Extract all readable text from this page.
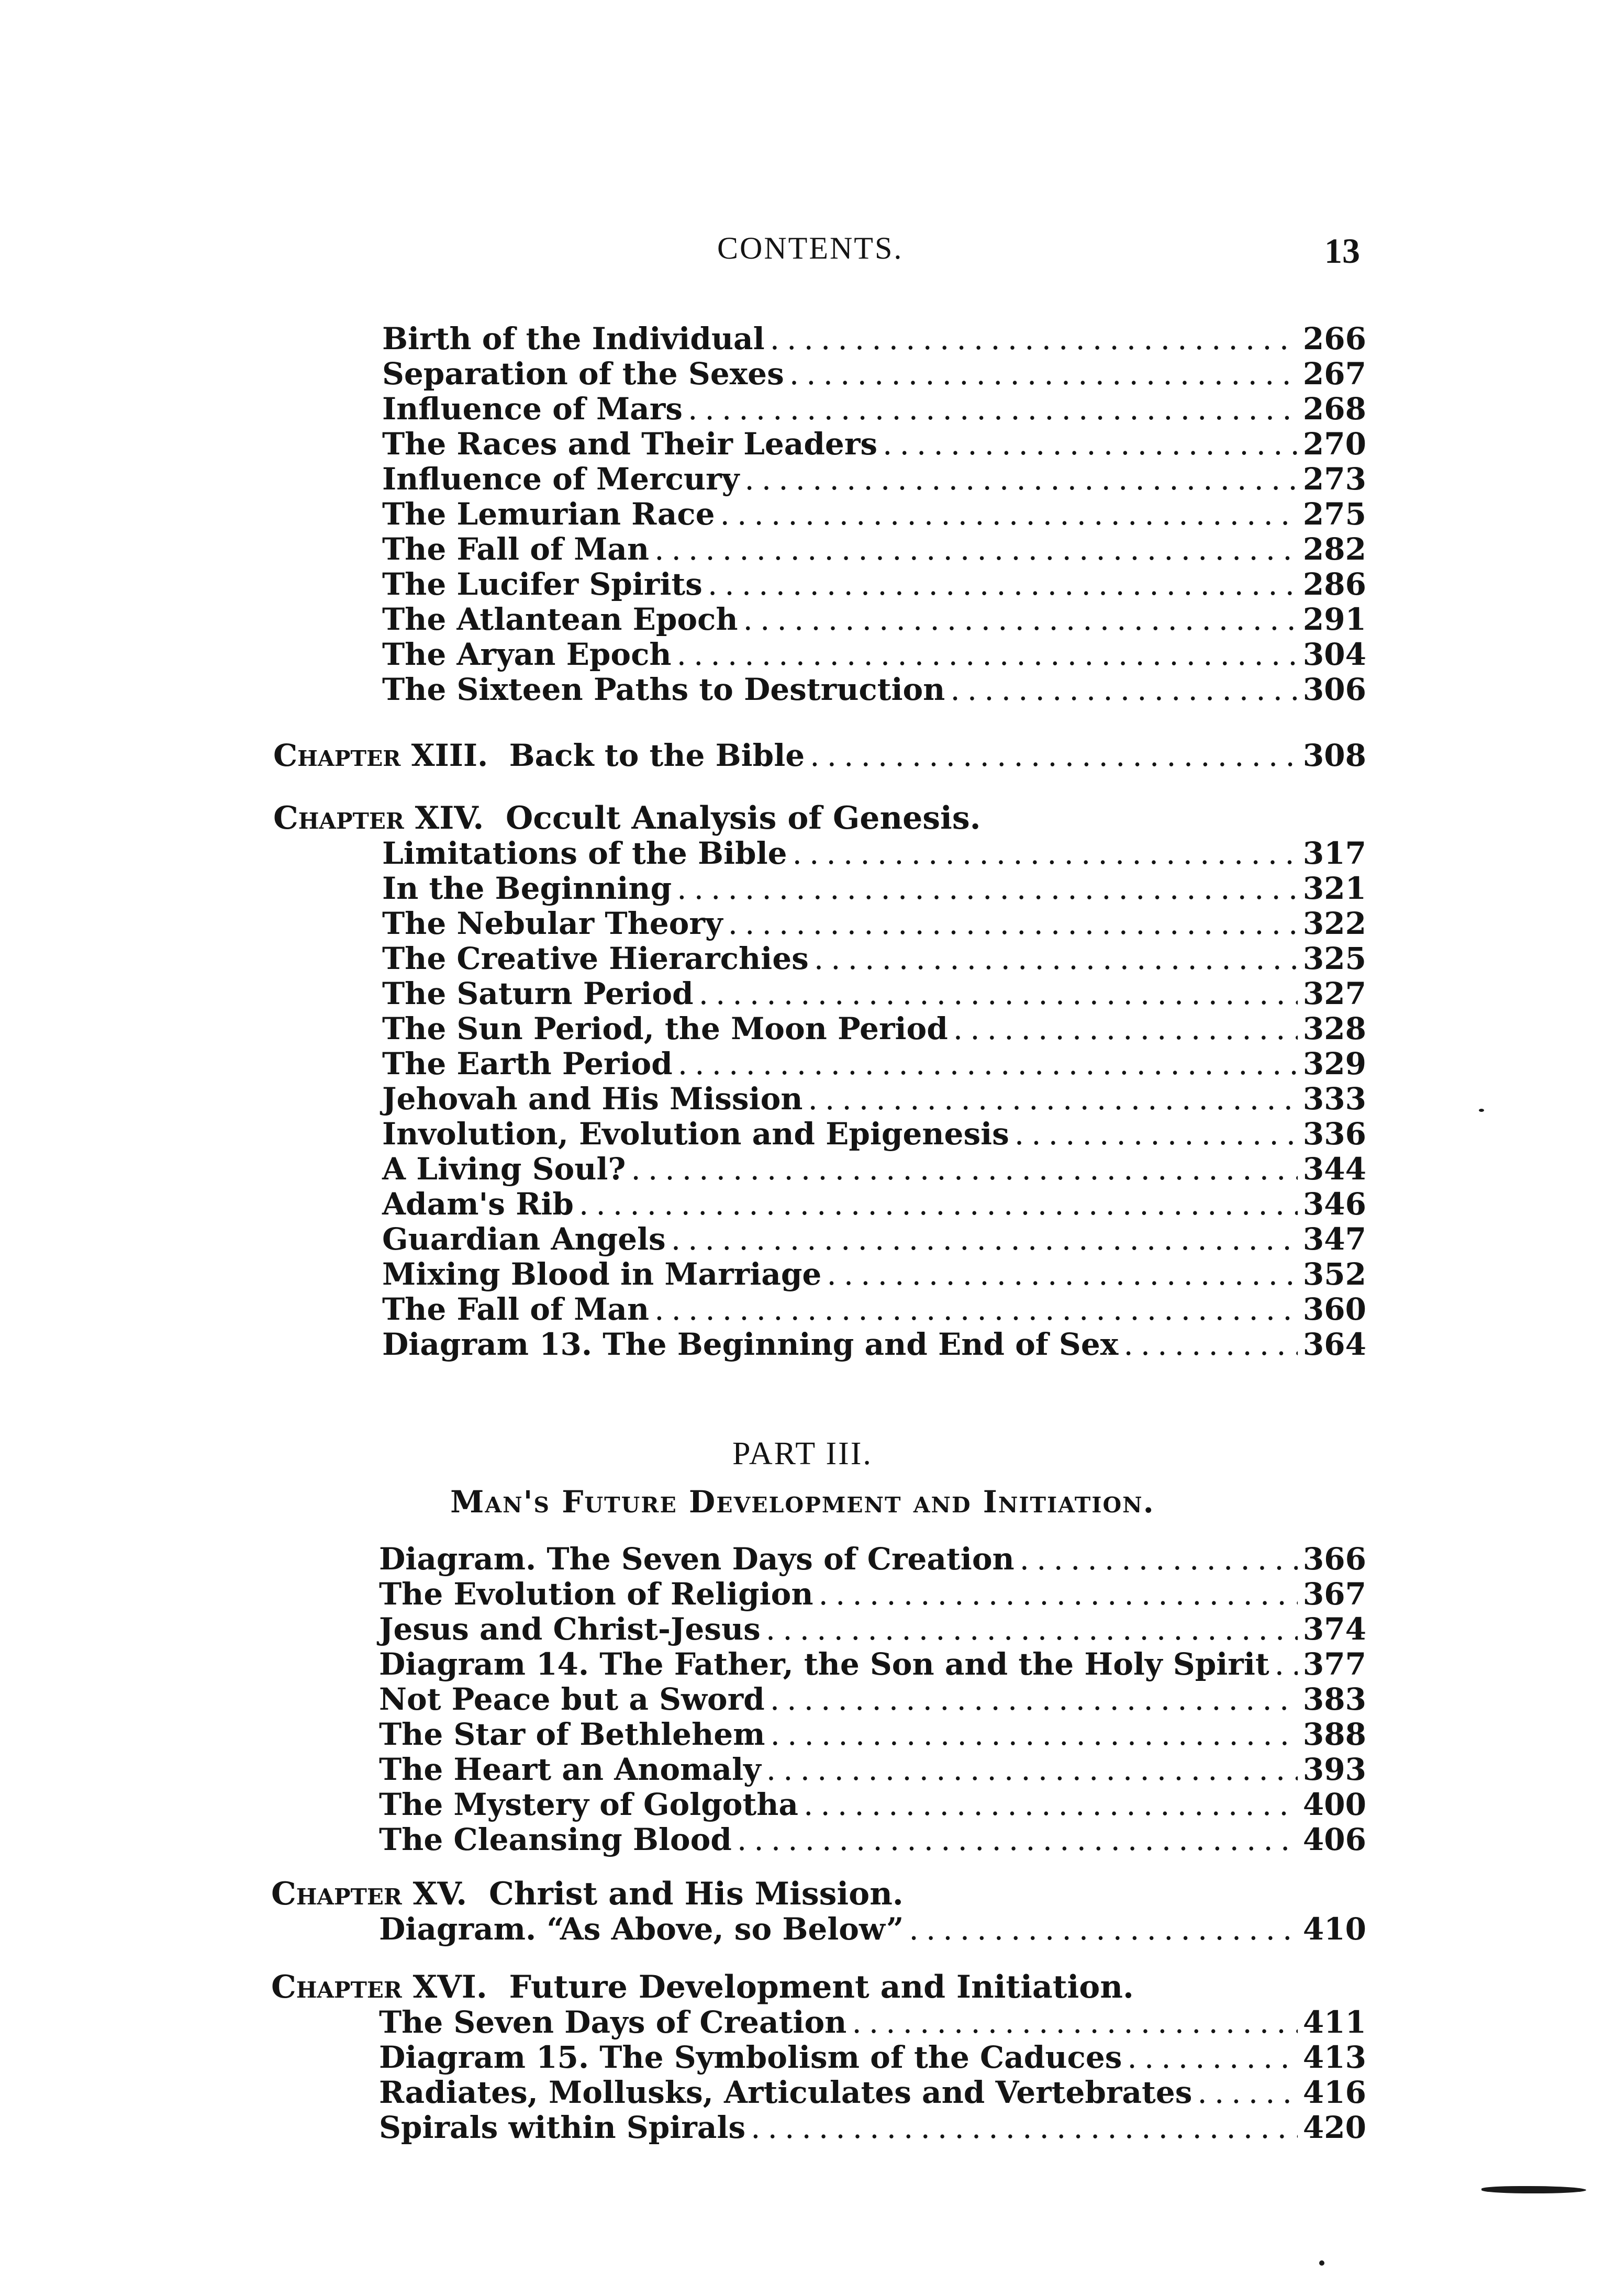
CONTENTS.	13
Birth of the Individual .....	266
Separation of the Sexes .....	267
Influence of Mars .....	268
The Races and Their Leaders .....	270
Influence of Mercury .....	273
The Lemurian Race .....	275
The Fall of Man .....	282
The Lucifer Spirits .....	286
The Atlantean Epoch .....	291
The Aryan Epoch .....	304
The Sixteen Paths to Destruction .....	306
Chapter XIII. Back to the Bible .....	308
Chapter XIV. Occult Analysis of Genesis.
Limitations of the Bible .....	317
In the Beginning .....	321
The Nebular Theory .....	322
The Creative Hierarchies .....	325
The Saturn Period .....	327
The Sun Period, the Moon Period .....	328
The Earth Period .....	329
Jehovah and His Mission .....	333
Involution, Evolution and Epigenesis .....	336
A Living Soul? .....	344
Adam's Rib .....	346
Guardian Angels .....	347
Mixing Blood in Marriage .....	352
The Fall of Man .....	360
Diagram 13. The Beginning and End of Sex .....	364
PART III.
Man's Future Development and Initiation.
Diagram. The Seven Days of Creation .....	366
The Evolution of Religion .....	367
Jesus and Christ-Jesus .....	374
Diagram 14. The Father, the Son and the Holy Spirit ..... 377
Not Peace but a Sword .....	383
The Star of Bethlehem .....	388
The Heart an Anomaly .....	393
The Mystery of Golgotha .....	400
The Cleansing Blood .....	406
Chapter XV. Christ and His Mission.
Diagram. “As Above, so Below” .....	410
Chapter XVI. Future Development and Initiation.
The Seven Days of Creation .....	411
Diagram 15. The Symbolism of the Caduces .....	413
Radiates, Mollusks, Articulates and Vertebrates .....	416
Spirals within Spirals .....	420
